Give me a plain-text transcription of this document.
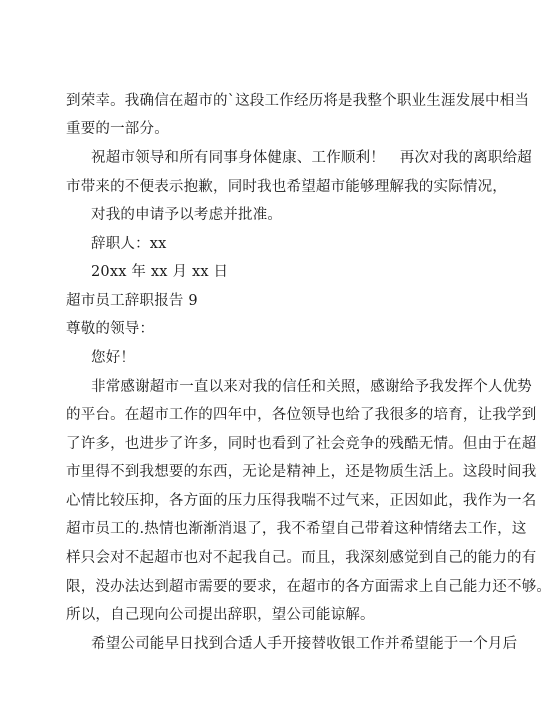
到荣幸。我确信在超市的`这段工作经历将是我整个职业生涯发展中相当
重要的一部分。
祝超市领导和所有同事身体健康、工作顺利！　再次对我的离职给超
市带来的不便表示抱歉，同时我也希望超市能够理解我的实际情况，
对我的申请予以考虑并批准。
辞职人：xx
20xx 年 xx 月 xx 日
超市员工辞职报告 9
尊敬的领导：
您好！
非常感谢超市一直以来对我的信任和关照，感谢给予我发挥个人优势
的平台。在超市工作的四年中，各位领导也给了我很多的培育，让我学到
了许多，也进步了许多，同时也看到了社会竞争的残酷无情。但由于在超
市里得不到我想要的东西，无论是精神上，还是物质生活上。这段时间我
心情比较压抑，各方面的压力压得我喘不过气来，正因如此，我作为一名
超市员工的.热情也渐渐消退了，我不希望自己带着这种情绪去工作，这
样只会对不起超市也对不起我自己。而且，我深刻感觉到自己的能力的有
限，没办法达到超市需要的要求，在超市的各方面需求上自己能力还不够。
所以，自己现向公司提出辞职，望公司能谅解。
希望公司能早日找到合适人手开接替收银工作并希望能于一个月后
